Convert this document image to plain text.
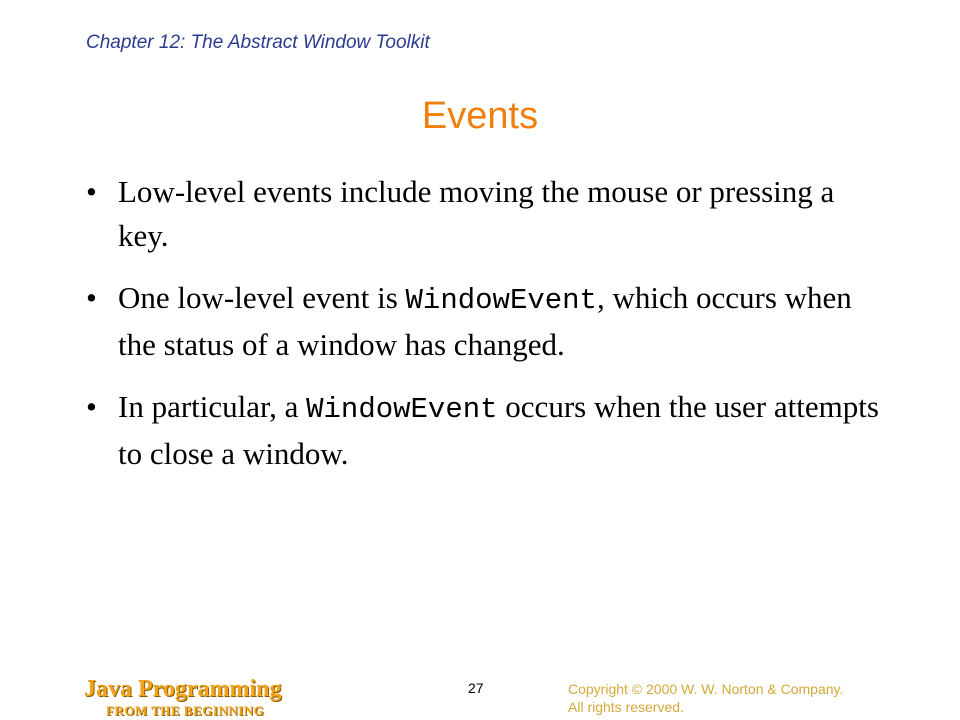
Chapter 12: The Abstract Window Toolkit
Events
• Low-level events include moving the mouse or pressing a key.
• One low-level event is WindowEvent, which occurs when the status of a window has changed.
• In particular, a WindowEvent occurs when the user attempts to close a window.
Java Programming
FROM THE BEGINNING
27	Copyright © 2000 W. W. Norton & Company.
All rights reserved.
